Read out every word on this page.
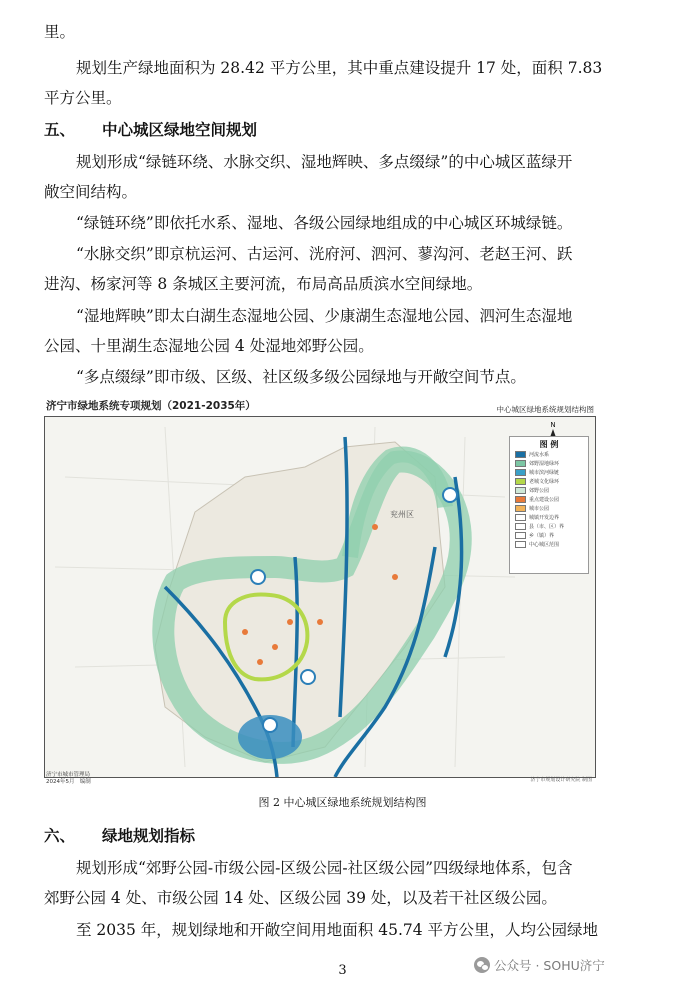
里。
规划生产绿地面积为 28.42 平方公里，其中重点建设提升 17 处，面积 7.83
平方公里。
五、 中心城区绿地空间规划
规划形成“绿链环绕、水脉交织、湿地辉映、多点缀绿”的中心城区蓝绿开
敞空间结构。
“绿链环绕”即依托水系、湿地、各级公园绿地组成的中心城区环城绿链。
“水脉交织”即京杭运河、古运河、洸府河、泗河、蓼沟河、老赵王河、跃
进沟、杨家河等 8 条城区主要河流，布局高品质滨水空间绿地。
“湿地辉映”即太白湖生态湿地公园、少康湖生态湿地公园、泗河生态湿地
公园、十里湖生态湿地公园 4 处湿地郊野公园。
“多点缀绿”即市级、区级、社区级多级公园绿地与开敞空间节点。
济宁市绿地系统专项规划（2021-2035年）	中心城区绿地系统规划结构图
兖州区
N
图 例
河流水系
郊野湿地绿环
城市滨河绿链
老城文化绿环
郊野公园
重点建设公园
城市公园
城镇开发边界
县（市、区）界
乡（镇）界
中心城区范围
济宁市城市管理局
2024年5月 编制	济宁市规划设计研究院 制图
图 2 中心城区绿地系统规划结构图
六、 绿地规划指标
规划形成“郊野公园-市级公园-区级公园-社区级公园”四级绿地体系，包含
郊野公园 4 处、市级公园 14 处、区级公园 39 处，以及若干社区级公园。
至 2035 年，规划绿地和开敞空间用地面积 45.74 平方公里，人均公园绿地
3	公众号 · SOHU济宁
